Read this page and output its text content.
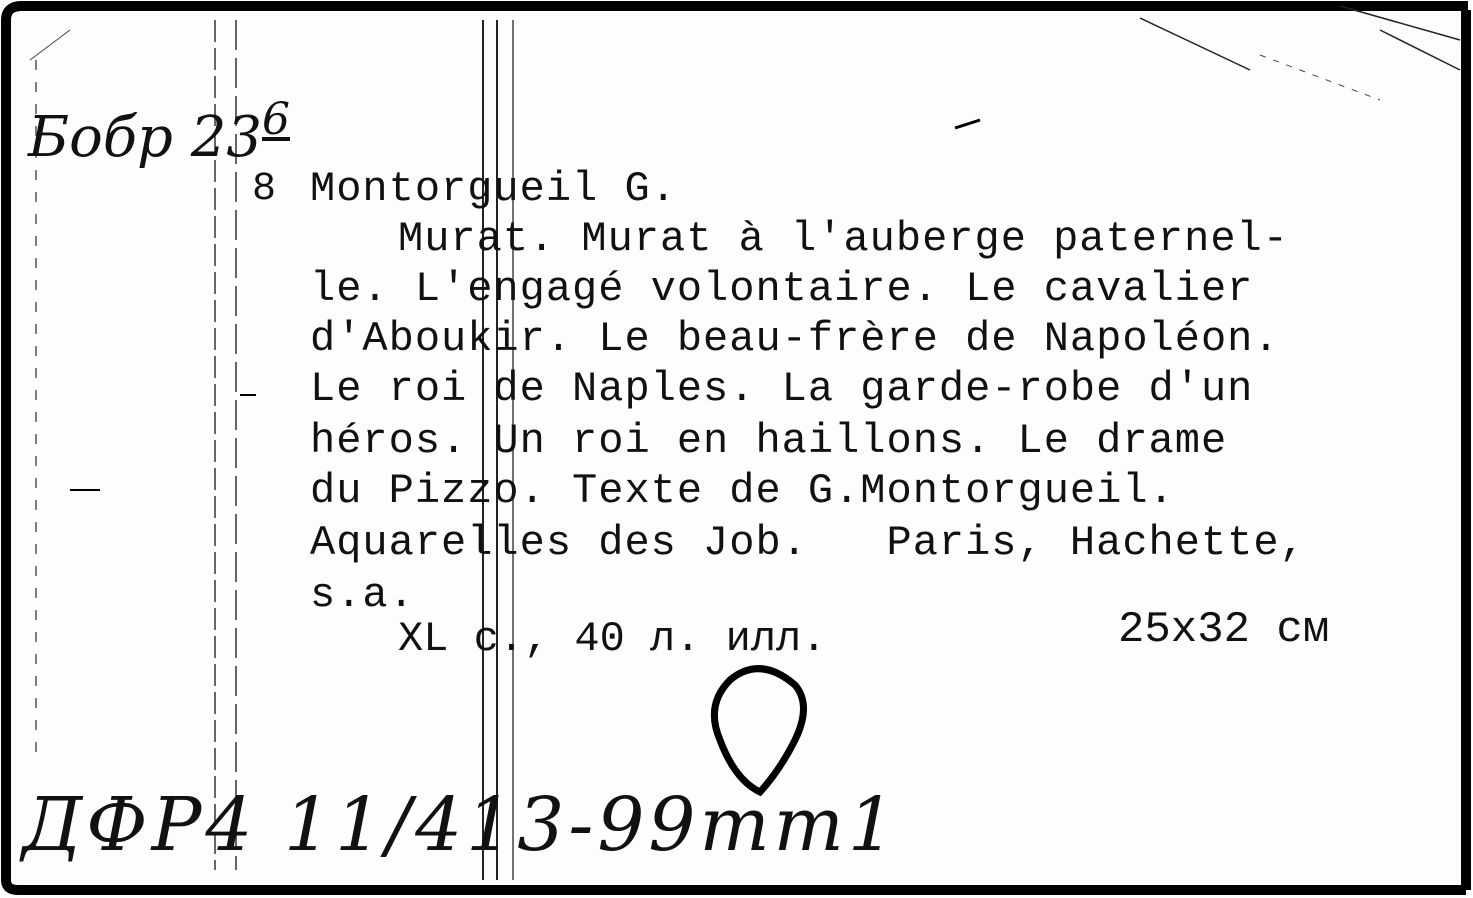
Бобр 23 6
8 Montorgueil G.
Murat. Murat à l'auberge paternel-
le. L'engagé volontaire. Le cavalier
d'Aboukir. Le beau-frère de Napoléon.
Le roi de Naples. La garde-robe d'un
héros. Un roi en haillons. Le drame
du Pizzo. Texte de G.Montorgueil.
Aquarelles des Job.   Paris, Hachette,
s.a.
XL с., 40 л. илл.	25x32 см
ДФР4 11/413-99тт1
